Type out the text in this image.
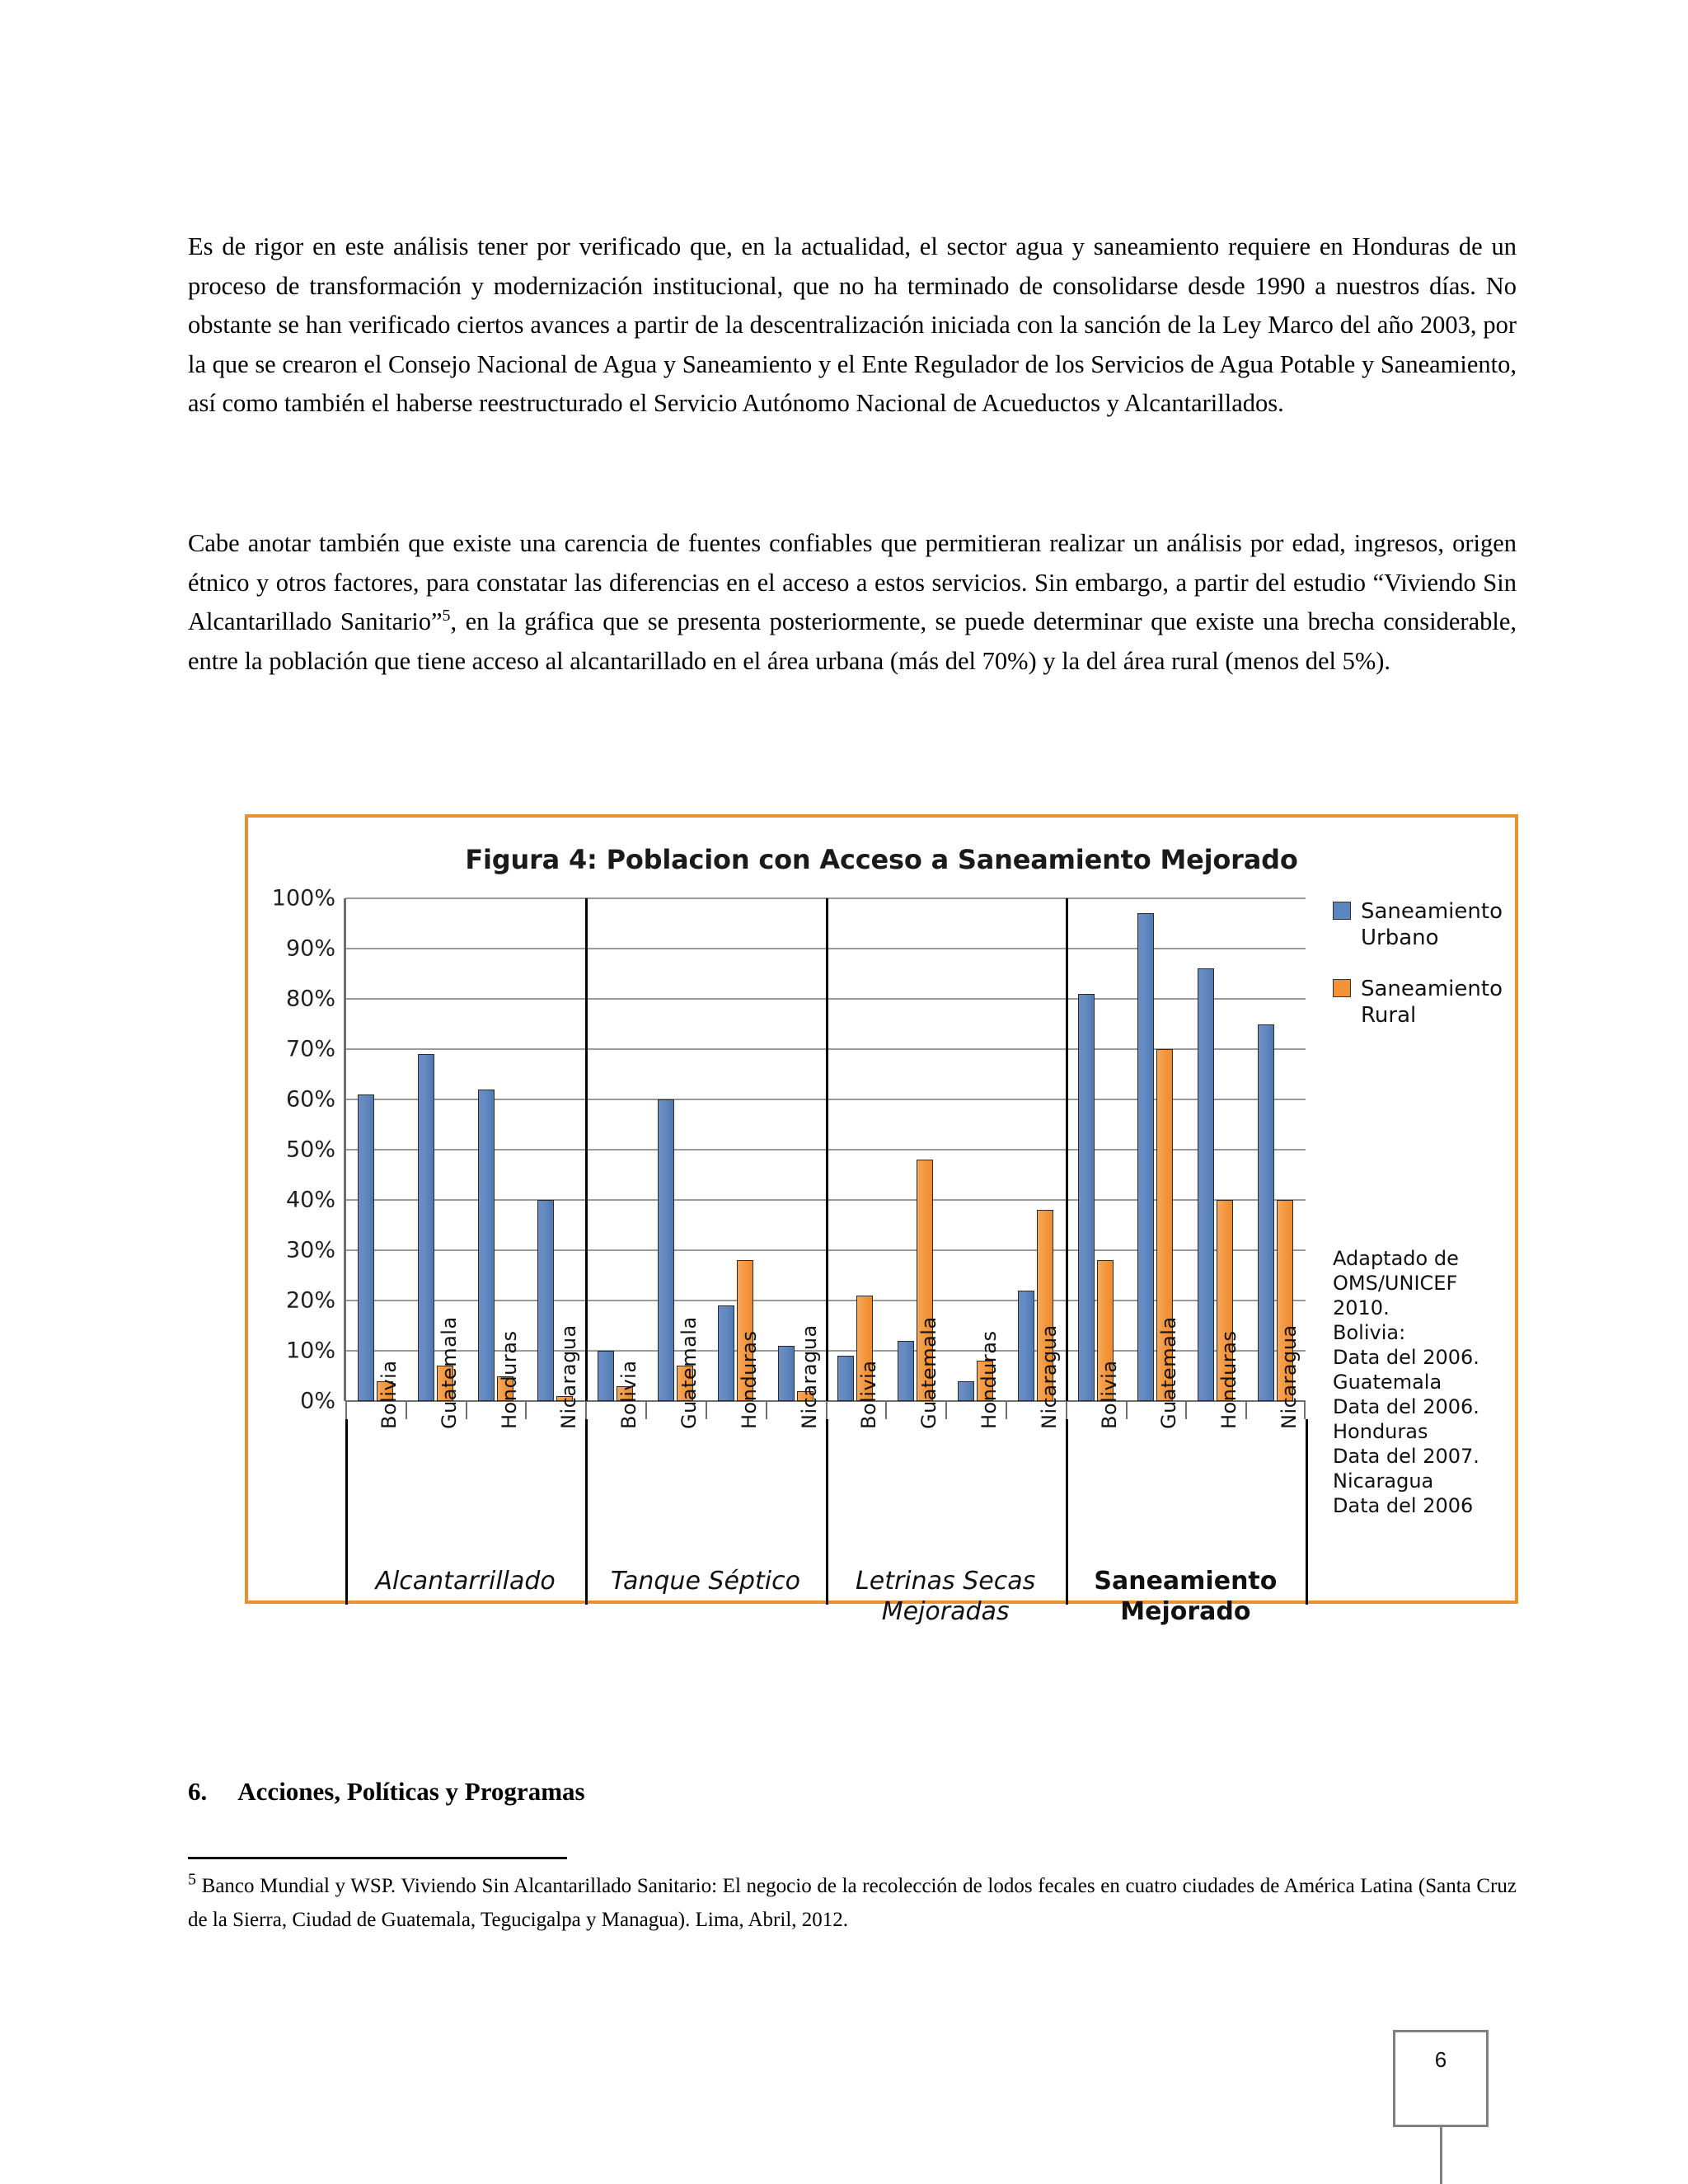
Es de rigor en este análisis tener por verificado que, en la actualidad, el sector agua y saneamiento requiere en Honduras de un proceso de transformación y modernización institucional, que no ha terminado de consolidarse desde 1990 a nuestros días. No obstante se han verificado ciertos avances a partir de la descentralización iniciada con la sanción de la Ley Marco del año 2003, por la que se crearon el Consejo Nacional de Agua y Saneamiento y el Ente Regulador de los Servicios de Agua Potable y Saneamiento, así como también el haberse reestructurado el Servicio Autónomo Nacional de Acueductos y Alcantarillados.
Cabe anotar también que existe una carencia de fuentes confiables que permitieran realizar un análisis por edad, ingresos, origen étnico y otros factores, para constatar las diferencias en el acceso a estos servicios. Sin embargo, a partir del estudio “Viviendo Sin Alcantarillado Sanitario”$^5$, en la gráfica que se presenta posteriormente, se puede determinar que existe una brecha considerable, entre la población que tiene acceso al alcantarillado en el área urbana (más del 70%) y la del área rural (menos del 5%).
Figura 4: Poblacion con Acceso a Saneamiento Mejorado
100%
90%
80%
70%
60%
50%
40%
30%
20%
10%
0%
Alcantarrillado	Tanque Séptico	Letrinas Secas
Mejoradas
Saneamiento
Mejorado
Saneamiento Urbano
Saneamiento Rural
Adaptado de OMS/UNICEF 2010.
Bolivia:
Data del 2006.
Guatemala
Data del 2006.
Honduras
Data del 2007.
Nicaragua
Data del 2006
Bolivia Guatemala Honduras Nicaragua Bolivia Guatemala Honduras Nicaragua Bolivia Guatemala Honduras Nicaragua Bolivia Guatemala Honduras Nicaragua
6.     Acciones, Políticas y Programas
$^5$ Banco Mundial y WSP. Viviendo Sin Alcantarillado Sanitario: El negocio de la recolección de lodos fecales en cuatro ciudades de América Latina (Santa Cruz de la Sierra, Ciudad de Guatemala, Tegucigalpa y Managua). Lima, Abril, 2012.
6
